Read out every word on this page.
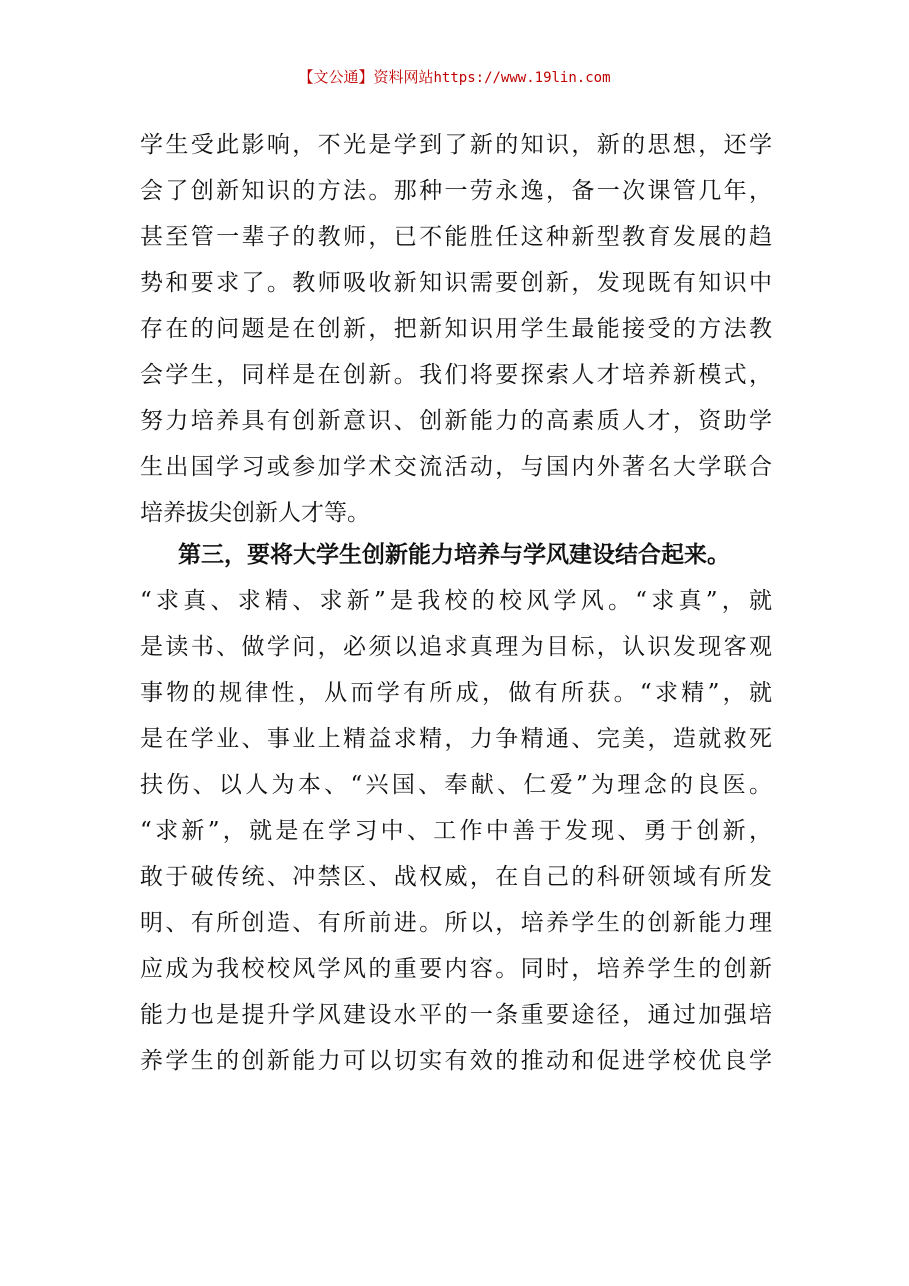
【文公通】资料网站https://www.19lin.com
学生受此影响，不光是学到了新的知识，新的思想，还学
会了创新知识的方法。那种一劳永逸，备一次课管几年，
甚至管一辈子的教师，已不能胜任这种新型教育发展的趋
势和要求了。教师吸收新知识需要创新，发现既有知识中
存在的问题是在创新，把新知识用学生最能接受的方法教
会学生，同样是在创新。我们将要探索人才培养新模式，
努力培养具有创新意识、创新能力的高素质人才，资助学
生出国学习或参加学术交流活动，与国内外著名大学联合
培养拔尖创新人才等。
第三，要将大学生创新能力培养与学风建设结合起来。
“求真、求精、求新”是我校的校风学风。“求真”，就
是读书、做学问，必须以追求真理为目标，认识发现客观
事物的规律性，从而学有所成，做有所获。“求精”，就
是在学业、事业上精益求精，力争精通、完美，造就救死
扶伤、以人为本、“兴国、奉献、仁爱”为理念的良医。
“求新”，就是在学习中、工作中善于发现、勇于创新，
敢于破传统、冲禁区、战权威，在自己的科研领域有所发
明、有所创造、有所前进。所以，培养学生的创新能力理
应成为我校校风学风的重要内容。同时，培养学生的创新
能力也是提升学风建设水平的一条重要途径，通过加强培
养学生的创新能力可以切实有效的推动和促进学校优良学
